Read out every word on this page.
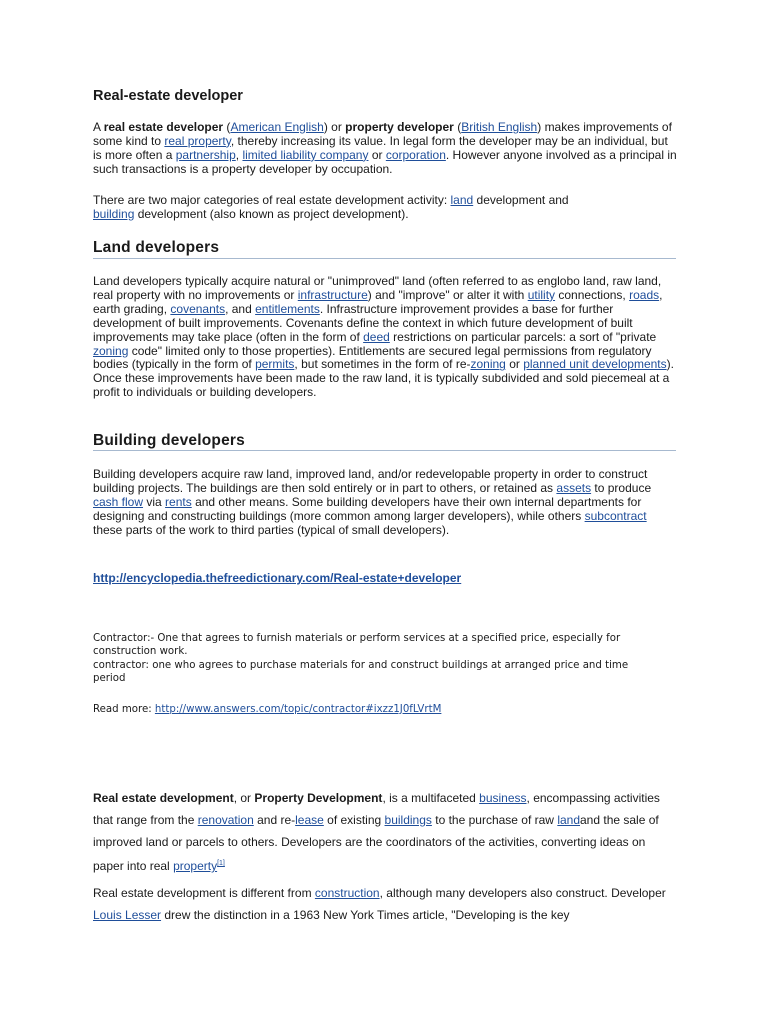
Real-estate developer

A real estate developer (American English) or property developer (British English) makes improvements of some kind to real property, thereby increasing its value. In legal form the developer may be an individual, but is more often a partnership, limited liability company or corporation. However anyone involved as a principal in such transactions is a property developer by occupation.

There are two major categories of real estate development activity: land development and building development (also known as project development).

Land developers

Land developers typically acquire natural or "unimproved" land (often referred to as englobo land, raw land, real property with no improvements or infrastructure) and "improve" or alter it with utility connections, roads, earth grading, covenants, and entitlements. Infrastructure improvement provides a base for further development of built improvements. Covenants define the context in which future development of built improvements may take place (often in the form of deed restrictions on particular parcels: a sort of "private zoning code" limited only to those properties). Entitlements are secured legal permissions from regulatory bodies (typically in the form of permits, but sometimes in the form of re-zoning or planned unit developments). Once these improvements have been made to the raw land, it is typically subdivided and sold piecemeal at a profit to individuals or building developers.

Building developers

Building developers acquire raw land, improved land, and/or redevelopable property in order to construct building projects. The buildings are then sold entirely or in part to others, or retained as assets to produce cash flow via rents and other means. Some building developers have their own internal departments for designing and constructing buildings (more common among larger developers), while others subcontract these parts of the work to third parties (typical of small developers).

http://encyclopedia.thefreedictionary.com/Real-estate+developer
Contractor:- One that agrees to furnish materials or perform services at a specified price, especially for construction work.
contractor: one who agrees to purchase materials for and construct buildings at arranged price and time period
Read more: http://www.answers.com/topic/contractor#ixzz1J0fLVrtM

Real estate development, or Property Development, is a multifaceted business, encompassing activities that range from the renovation and re-lease of existing buildings to the purchase of raw landand the sale of improved land or parcels to others. Developers are the coordinators of the activities, converting ideas on paper into real property[1]

Real estate development is different from construction, although many developers also construct. Developer Louis Lesser drew the distinction in a 1963 New York Times article, "Developing is the key
